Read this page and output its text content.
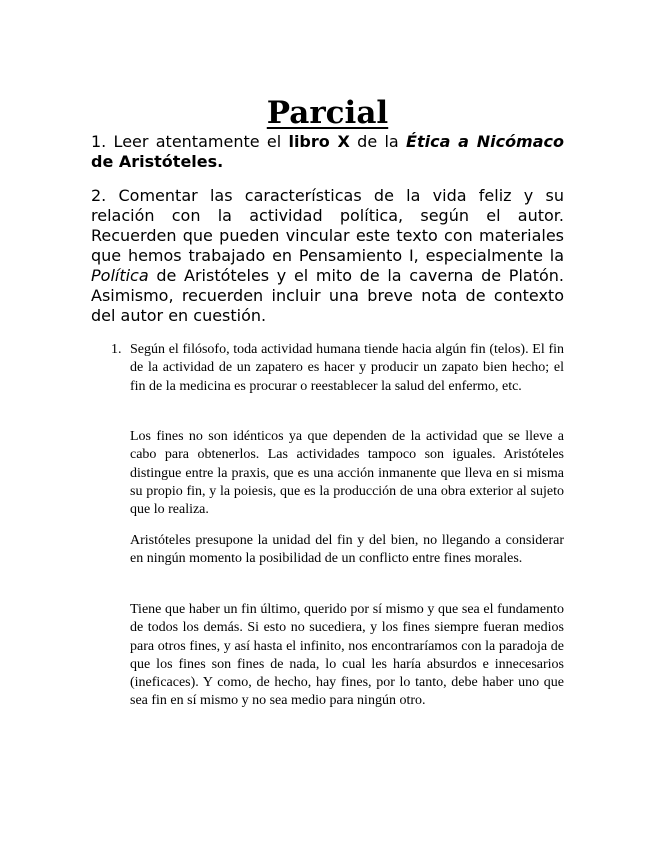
Parcial

1. Leer atentamente el libro X de la Ética a Nicómaco de Aristóteles.

2. Comentar las características de la vida feliz y su relación con la actividad política, según el autor. Recuerden que pueden vincular este texto con materiales que hemos trabajado en Pensamiento I, especialmente la Política de Aristóteles y el mito de la caverna de Platón. Asimismo, recuerden incluir una breve nota de contexto del autor en cuestión.

1. Según el filósofo, toda actividad humana tiende hacia algún fin (telos). El fin de la actividad de un zapatero es hacer y producir un zapato bien hecho; el fin de la medicina es procurar o reestablecer la salud del enfermo, etc.

Los fines no son idénticos ya que dependen de la actividad que se lleve a cabo para obtenerlos. Las actividades tampoco son iguales. Aristóteles distingue entre la praxis, que es una acción inmanente que lleva en si misma su propio fin, y la poiesis, que es la producción de una obra exterior al sujeto que lo realiza.

Aristóteles presupone la unidad del fin y del bien, no llegando a considerar en ningún momento la posibilidad de un conflicto entre fines morales.

Tiene que haber un fin último, querido por sí mismo y que sea el fundamento de todos los demás. Si esto no sucediera, y los fines siempre fueran medios para otros fines, y así hasta el infinito, nos encontraríamos con la paradoja de que los fines son fines de nada, lo cual les haría absurdos e innecesarios (ineficaces). Y como, de hecho, hay fines, por lo tanto, debe haber uno que sea fin en sí mismo y no sea medio para ningún otro.
